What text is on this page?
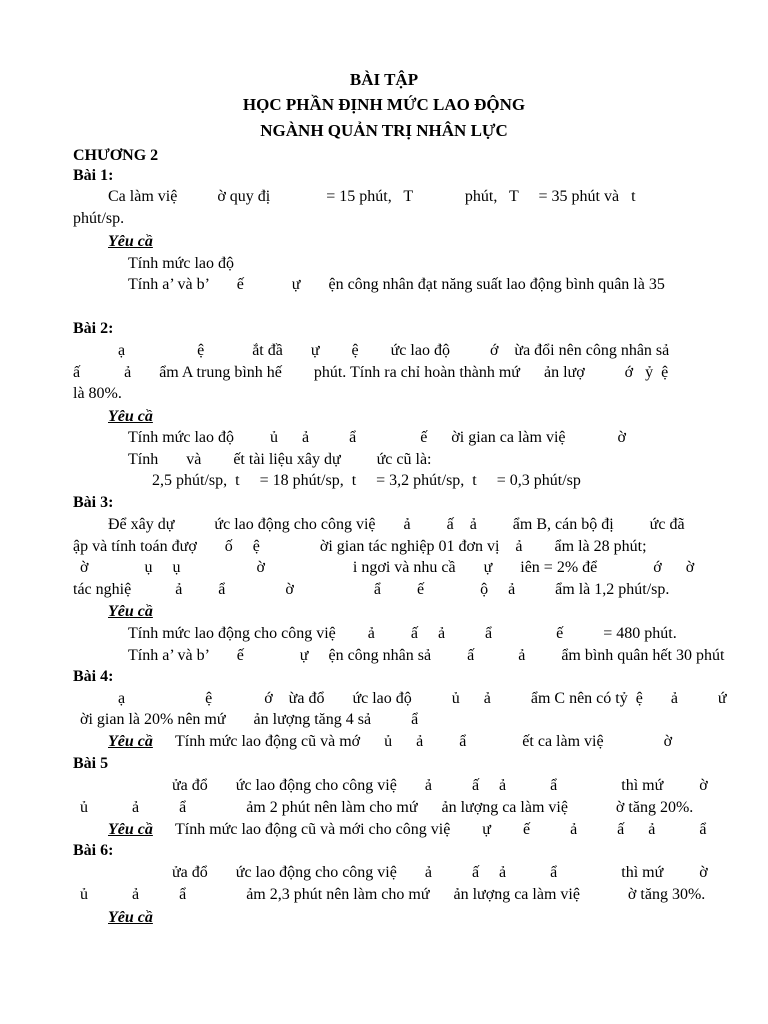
BÀI TẬP
HỌC PHẦN ĐỊNH MỨC LAO ĐỘNG
NGÀNH QUẢN TRỊ NHÂN LỰC
CHƯƠNG 2
Bài 1:
Ca làm việ          ờ quy đị              = 15 phút,   T             phút,   T     = 35 phút và   t
phút/sp.
Yêu cầ
Tính mức lao độ
Tính a’ và b’       ế            ự       ện công nhân đạt năng suất lao động bình quân là 35
Bài 2:
ạ                  ệ            ắt đầ       ự        ệ        ức lao độ          ớ    ừa đổi nên công nhân sả
ấ           ả       ẩm A trung bình hế        phút. Tính ra chỉ hoàn thành mứ      ản lượ          ớ   ỷ  ệ
là 80%.
Yêu cầ
Tính mức lao độ         ủ      ả          ẩ                ế      ời gian ca làm việ             ờ
Tính       và        ết tài liệu xây dự         ức cũ là:
2,5 phút/sp,  t     = 18 phút/sp,  t     = 3,2 phút/sp,  t     = 0,3 phút/sp
Bài 3:
Để xây dự          ức lao động cho công việ       ả         ấ    ả         ẩm B, cán bộ đị         ức đã
ập và tính toán đượ       ố     ệ               ời gian tác nghiệp 01 đơn vị    ả        ẩm là 28 phút;
ờ              ụ     ụ                   ờ                      i ngơi và nhu cầ       ự       iên = 2% để              ớ      ờ
tác nghiệ           ả         ẩ               ờ                    ẩ         ế              ộ     ả          ẩm là 1,2 phút/sp.
Yêu cầ
Tính mức lao động cho công việ        ả         ấ     ả          ẩ                ế          = 480 phút.
Tính a’ và b’       ế              ự     ện công nhân sả         ấ           ả         ẩm bình quân hết 30 phút
Bài 4:
ạ                    ệ             ớ    ừa đổ       ức lao độ          ủ      ả          ẩm C nên có tỷ  ệ       ả          ứ
ời gian là 20% nên mứ       ản lượng tăng 4 sả          ẩ
Yêu cầ Tính mức lao động cũ và mớ      ủ      ả         ẩ              ết ca làm việ               ờ
Bài 5
ửa đổ       ức lao động cho công việ       ả          ấ     ả           ẩ                thì mứ         ờ
ủ           ả          ẩ               ảm 2 phút nên làm cho mứ      ản lượng ca làm việ            ờ tăng 20%.
Yêu cầ Tính mức lao động cũ và mới cho công việ        ự        ế          ả          ấ      ả           ẩ
Bài 6:
ửa đổ       ức lao động cho công việ       ả          ấ     ả           ẩ                thì mứ         ờ
ủ           ả          ẩ               ảm 2,3 phút nên làm cho mứ      ản lượng ca làm việ            ờ tăng 30%.
Yêu cầ
